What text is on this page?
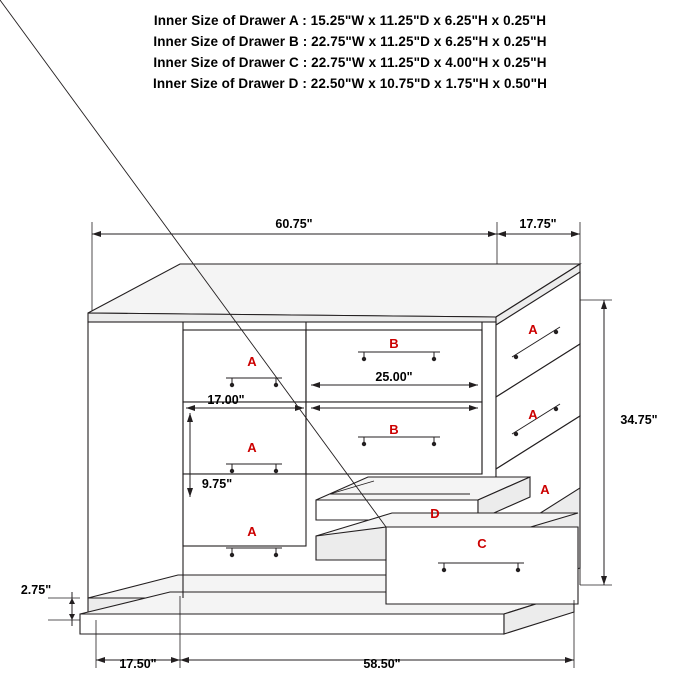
Inner Size of Drawer A : 15.25"W x 11.25"D x 6.25"H x 0.25"H
Inner Size of Drawer B : 22.75"W x 11.25"D x 6.25"H x 0.25"H
Inner Size of Drawer C : 22.75"W x 11.25"D x 4.00"H x 0.25"H
Inner Size of Drawer D : 22.50"W x 10.75"D x 1.75"H x 0.50"H
60.75"	17.75"
34.75"
A
B
A
A
B
A
A
A
D
C
17.00"
25.00"
9.75"
2.75"
17.50"	58.50"
